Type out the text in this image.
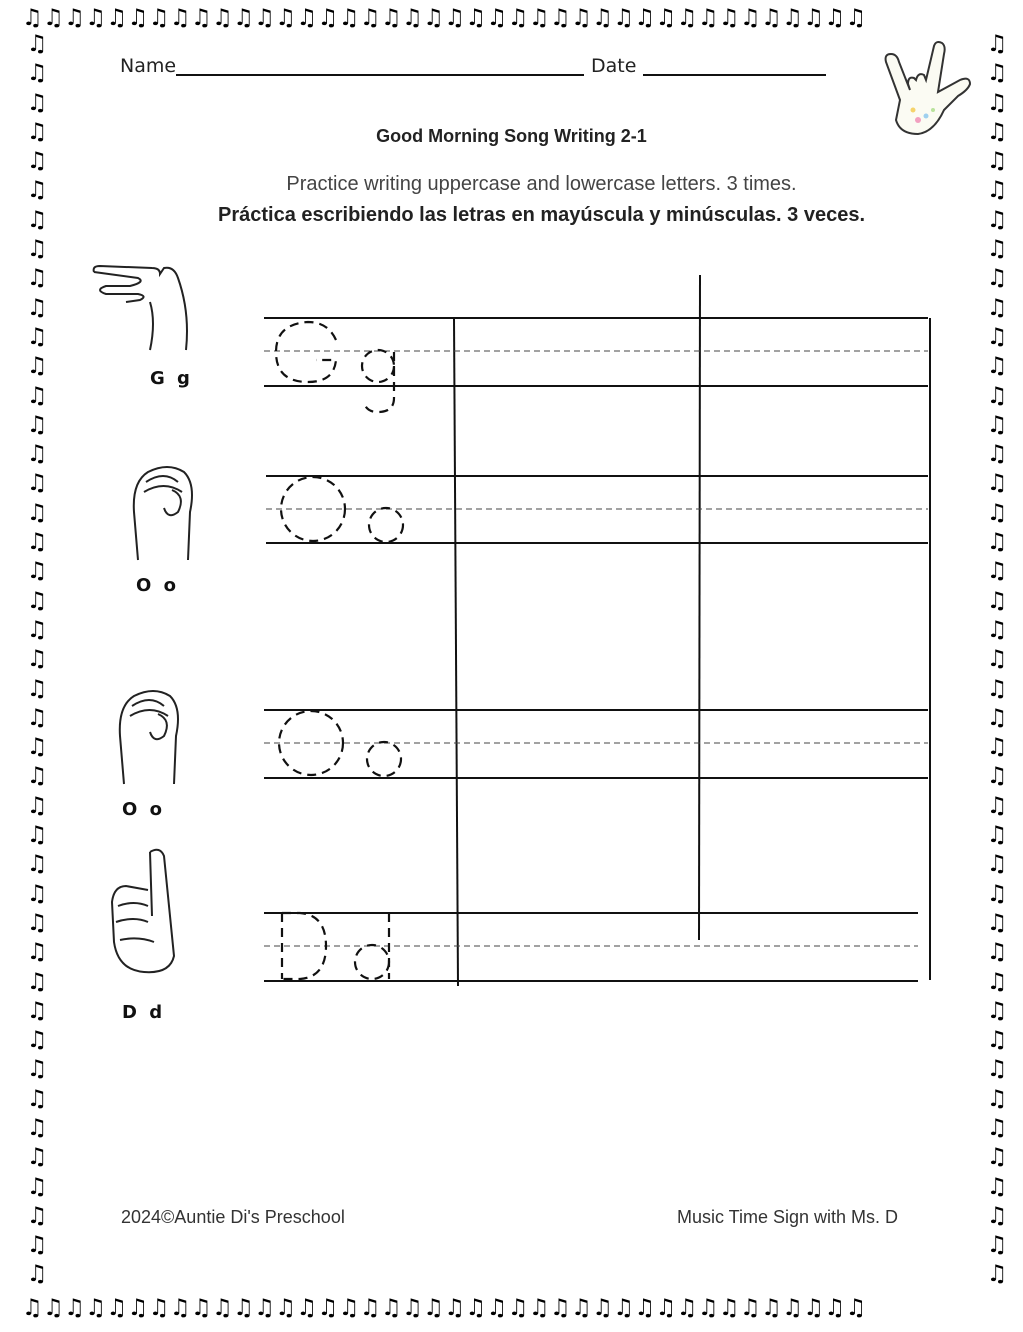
♫♫♫♫♫♫♫♫♫♫♫♫♫♫♫♫♫♫♫♫♫♫♫♫♫♫♫♫♫♫♫♫♫♫♫♫♫♫♫♫
♫♫♫♫♫♫♫♫♫♫♫♫♫♫♫♫♫♫♫♫♫♫♫♫♫♫♫♫♫♫♫♫♫♫♫♫♫♫♫♫
♫
♫
♫
♫
♫
♫
♫
♫
♫
♫
♫
♫
♫
♫
♫
♫
♫
♫
♫
♫
♫
♫
♫
♫
♫
♫
♫
♫
♫
♫
♫
♫
♫
♫
♫
♫
♫
♫
♫
♫
♫
♫
♫
♫
♫
♫
♫
♫
♫
♫
♫
♫
♫
♫
♫
♫
♫
♫
♫
♫
♫
♫
♫
♫
♫
♫
♫
♫
♫
♫
♫
♫
♫
♫
♫
♫
♫
♫
♫
♫
♫
♫
♫
♫
♫
♫
Name	Date
Good Morning Song Writing 2-1
Practice writing uppercase and lowercase letters. 3 times.
Práctica escribiendo las letras en mayúscula y minúsculas. 3 veces.
G g
O o
O o
D d
2024©Auntie Di's Preschool	Music Time Sign with Ms. D
